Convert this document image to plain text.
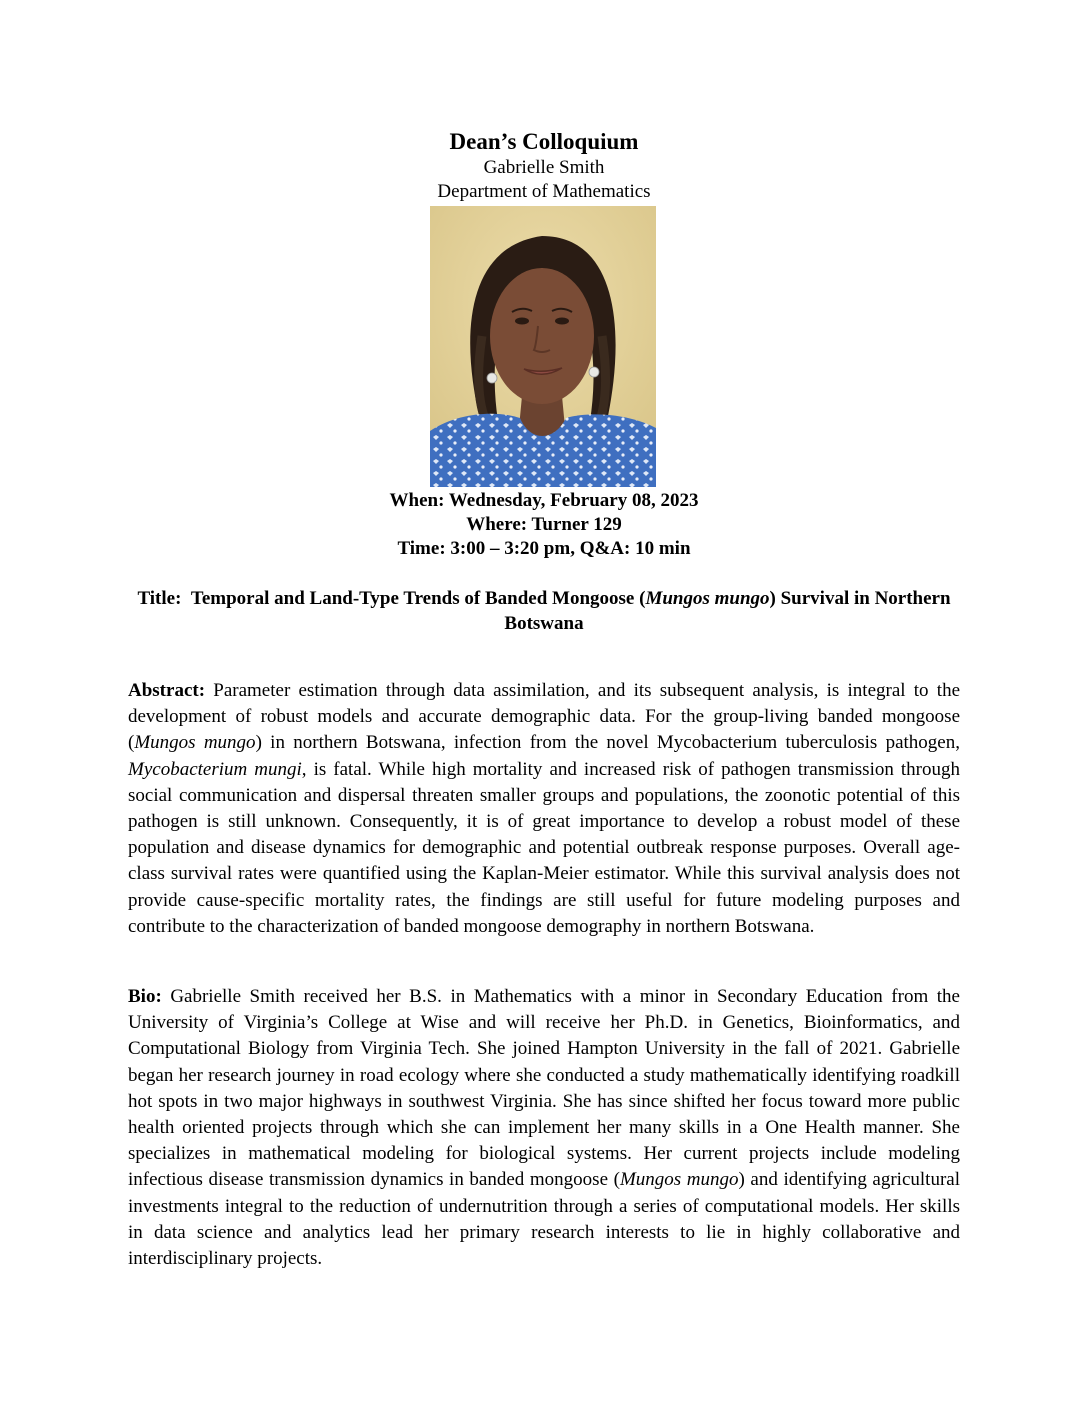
Dean’s Colloquium
Gabrielle Smith
Department of Mathematics
When: Wednesday, February 08, 2023
Where: Turner 129
Time: 3:00 – 3:20 pm, Q&A: 10 min
Title: Temporal and Land-Type Trends of Banded Mongoose (Mungos mungo) Survival in Northern Botswana
Abstract: Parameter estimation through data assimilation, and its subsequent analysis, is integral to the development of robust models and accurate demographic data. For the group-living banded mongoose (Mungos mungo) in northern Botswana, infection from the novel Mycobacterium tuberculosis pathogen, Mycobacterium mungi, is fatal. While high mortality and increased risk of pathogen transmission through social communication and dispersal threaten smaller groups and populations, the zoonotic potential of this pathogen is still unknown. Consequently, it is of great importance to develop a robust model of these population and disease dynamics for demographic and potential outbreak response purposes. Overall age-class survival rates were quantified using the Kaplan-Meier estimator. While this survival analysis does not provide cause-specific mortality rates, the findings are still useful for future modeling purposes and contribute to the characterization of banded mongoose demography in northern Botswana.
Bio: Gabrielle Smith received her B.S. in Mathematics with a minor in Secondary Education from the University of Virginia’s College at Wise and will receive her Ph.D. in Genetics, Bioinformatics, and Computational Biology from Virginia Tech. She joined Hampton University in the fall of 2021. Gabrielle began her research journey in road ecology where she conducted a study mathematically identifying roadkill hot spots in two major highways in southwest Virginia. She has since shifted her focus toward more public health oriented projects through which she can implement her many skills in a One Health manner. She specializes in mathematical modeling for biological systems. Her current projects include modeling infectious disease transmission dynamics in banded mongoose (Mungos mungo) and identifying agricultural investments integral to the reduction of undernutrition through a series of computational models. Her skills in data science and analytics lead her primary research interests to lie in highly collaborative and interdisciplinary projects.
